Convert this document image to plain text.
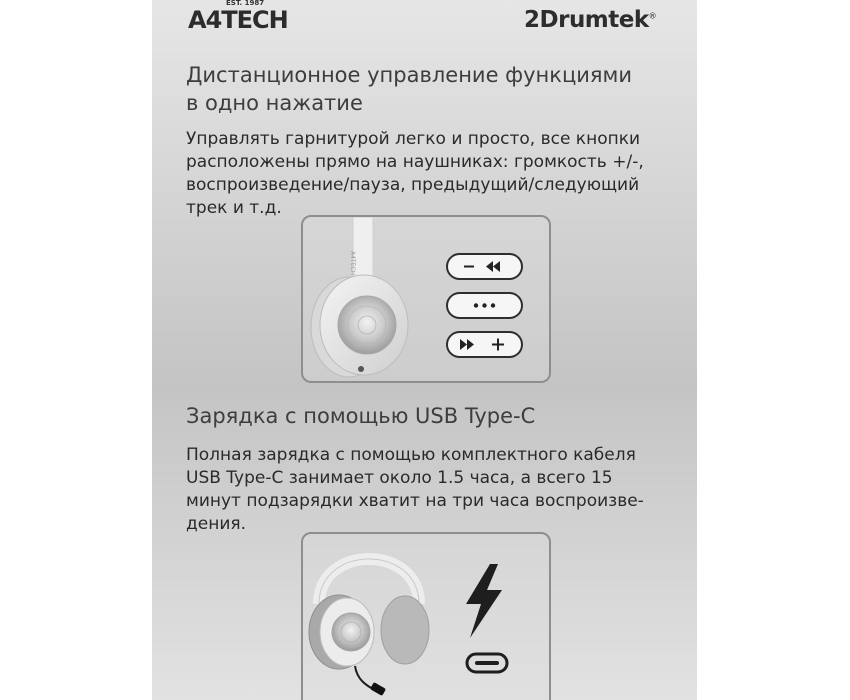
A4TECH
EST. 1987
2Drumtek®
Дистанционное управление функциями
в одно нажатие

Управлять гарнитурой легко и просто, все кнопки
расположены прямо на наушниках: громкость +/-,
воспроизведение/пауза, предыдущий/следующий
трек и т.д.

A4TECH
Зарядка с помощью USB Type-C

Полная зарядка с помощью комплектного кабеля
USB Type-C занимает около 1.5 часа, а всего 15
минут подзарядки хватит на три часа воспроизве-
дения.
